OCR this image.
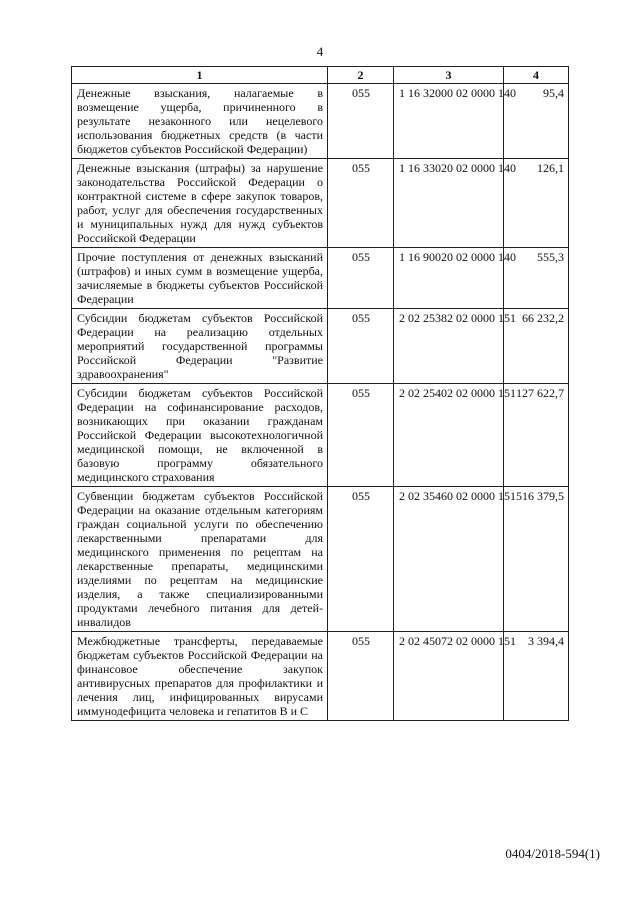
4
1	2	3	4
Денежные взыскания, налагаемые в возмещение ущерба, причиненного в результате незаконного или нецелевого использования бюджетных средств (в части бюджетов субъектов Российской Федерации)	055	1 16 32000 02 0000 140	95,4
Денежные взыскания (штрафы) за нарушение законодательства Российской Федерации о контрактной системе в сфере закупок товаров, работ, услуг для обеспечения государственных и муниципальных нужд для нужд субъектов Российской Федерации	055	1 16 33020 02 0000 140	126,1
Прочие поступления от денежных взысканий (штрафов) и иных сумм в возмещение ущерба, зачисляемые в бюджеты субъектов Российской Федерации	055	1 16 90020 02 0000 140	555,3
Субсидии бюджетам субъектов Российской Федерации на реализацию отдельных мероприятий государственной программы Российской Федерации "Развитие здравоохранения"	055	2 02 25382 02 0000 151	66 232,2
Субсидии бюджетам субъектов Российской Федерации на софинансирование расходов, возникающих при оказании гражданам Российской Федерации высокотехнологичной медицинской помощи, не включенной в базовую программу обязательного медицинского страхования	055	2 02 25402 02 0000 151	127 622,7
Субвенции бюджетам субъектов Российской Федерации на оказание отдельным категориям граждан социальной услуги по обеспечению лекарственными препаратами для медицинского применения по рецептам на лекарственные препараты, медицинскими изделиями по рецептам на медицинские изделия, а также специализированными продуктами лечебного питания для детей-инвалидов	055	2 02 35460 02 0000 151	516 379,5
Межбюджетные трансферты, передаваемые бюджетам субъектов Российской Федерации на финансовое обеспечение закупок антивирусных препаратов для профилактики и лечения лиц, инфицированных вирусами иммунодефицита человека и гепатитов В и С	055	2 02 45072 02 0000 151	3 394,4
0404/2018-594(1)
